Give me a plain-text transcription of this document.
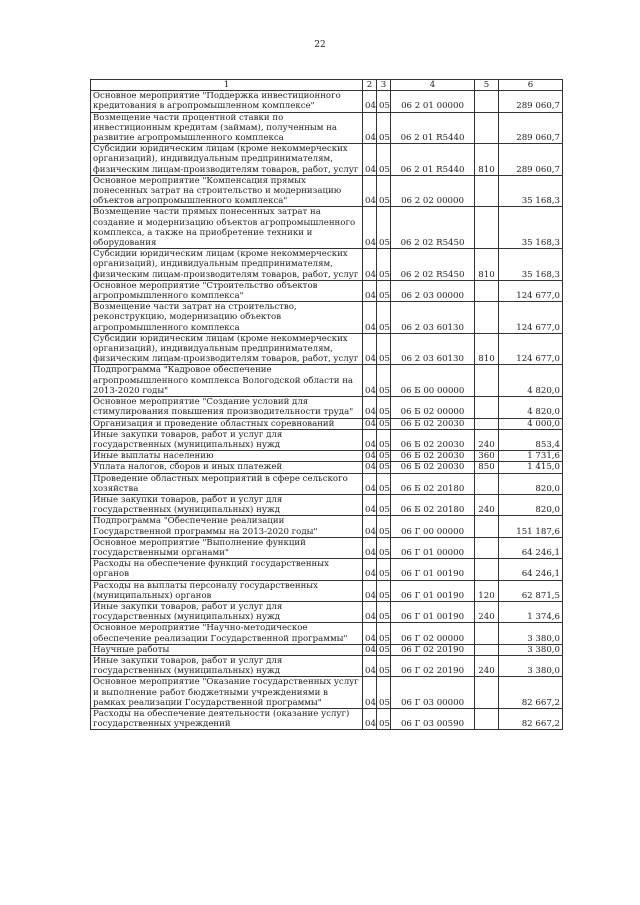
22
1	2	3	4	5	6
Основное мероприятие "Поддержка инвестиционного кредитования в агропромышленном комплексе"	04	05	06 2 01 00000		289 060,7
Возмещение части процентной ставки по инвестиционным кредитам (займам), полученным на развитие агропромышленного комплекса	04	05	06 2 01 R5440		289 060,7
Субсидии юридическим лицам (кроме некоммерческих организаций), индивидуальным предпринимателям, физическим лицам-производителям товаров, работ, услуг	04	05	06 2 01 R5440	810	289 060,7
Основное мероприятие "Компенсация прямых понесенных затрат на строительство и модернизацию объектов агропромышленного комплекса"	04	05	06 2 02 00000		35 168,3
Возмещение части прямых понесенных затрат на создание и модернизацию объектов агропромышленного комплекса, а также на приобретение техники и оборудования	04	05	06 2 02 R5450		35 168,3
Субсидии юридическим лицам (кроме некоммерческих организаций), индивидуальным предпринимателям, физическим лицам-производителям товаров, работ, услуг	04	05	06 2 02 R5450	810	35 168,3
Основное мероприятие "Строительство объектов агропромышленного комплекса"	04	05	06 2 03 00000		124 677,0
Возмещение части затрат на строительство, реконструкцию, модернизацию объектов агропромышленного комплекса	04	05	06 2 03 60130		124 677,0
Субсидии юридическим лицам (кроме некоммерческих организаций), индивидуальным предпринимателям, физическим лицам-производителям товаров, работ, услуг	04	05	06 2 03 60130	810	124 677,0
Подпрограмма "Кадровое обеспечение агропромышленного комплекса Вологодской области на 2013-2020 годы"	04	05	06 Б 00 00000		4 820,0
Основное мероприятие "Создание условий для стимулирования повышения производительности труда"	04	05	06 Б 02 00000		4 820,0
Организация и проведение областных соревнований	04	05	06 Б 02 20030		4 000,0
Иные закупки товаров, работ и услуг для государственных (муниципальных) нужд	04	05	06 Б 02 20030	240	853,4
Иные выплаты населению	04	05	06 Б 02 20030	360	1 731,6
Уплата налогов, сборов и иных платежей	04	05	06 Б 02 20030	850	1 415,0
Проведение областных мероприятий в сфере сельского хозяйства	04	05	06 Б 02 20180		820,0
Иные закупки товаров, работ и услуг для государственных (муниципальных) нужд	04	05	06 Б 02 20180	240	820,0
Подпрограмма "Обеспечение реализации Государственной программы на 2013-2020 годы"	04	05	06 Г 00 00000		151 187,6
Основное мероприятие "Выполнение функций государственными органами"	04	05	06 Г 01 00000		64 246,1
Расходы на обеспечение функций государственных органов	04	05	06 Г 01 00190		64 246,1
Расходы на выплаты персоналу государственных (муниципальных) органов	04	05	06 Г 01 00190	120	62 871,5
Иные закупки товаров, работ и услуг для государственных (муниципальных) нужд	04	05	06 Г 01 00190	240	1 374,6
Основное мероприятие "Научно-методическое обеспечение реализации Государственной программы"	04	05	06 Г 02 00000		3 380,0
Научные работы	04	05	06 Г 02 20190		3 380,0
Иные закупки товаров, работ и услуг для государственных (муниципальных) нужд	04	05	06 Г 02 20190	240	3 380,0
Основное мероприятие "Оказание государственных услуг и выполнение работ бюджетными учреждениями в рамках реализации Государственной программы"	04	05	06 Г 03 00000		82 667,2
Расходы на обеспечение деятельности (оказание услуг) государственных учреждений	04	05	06 Г 03 00590		82 667,2
